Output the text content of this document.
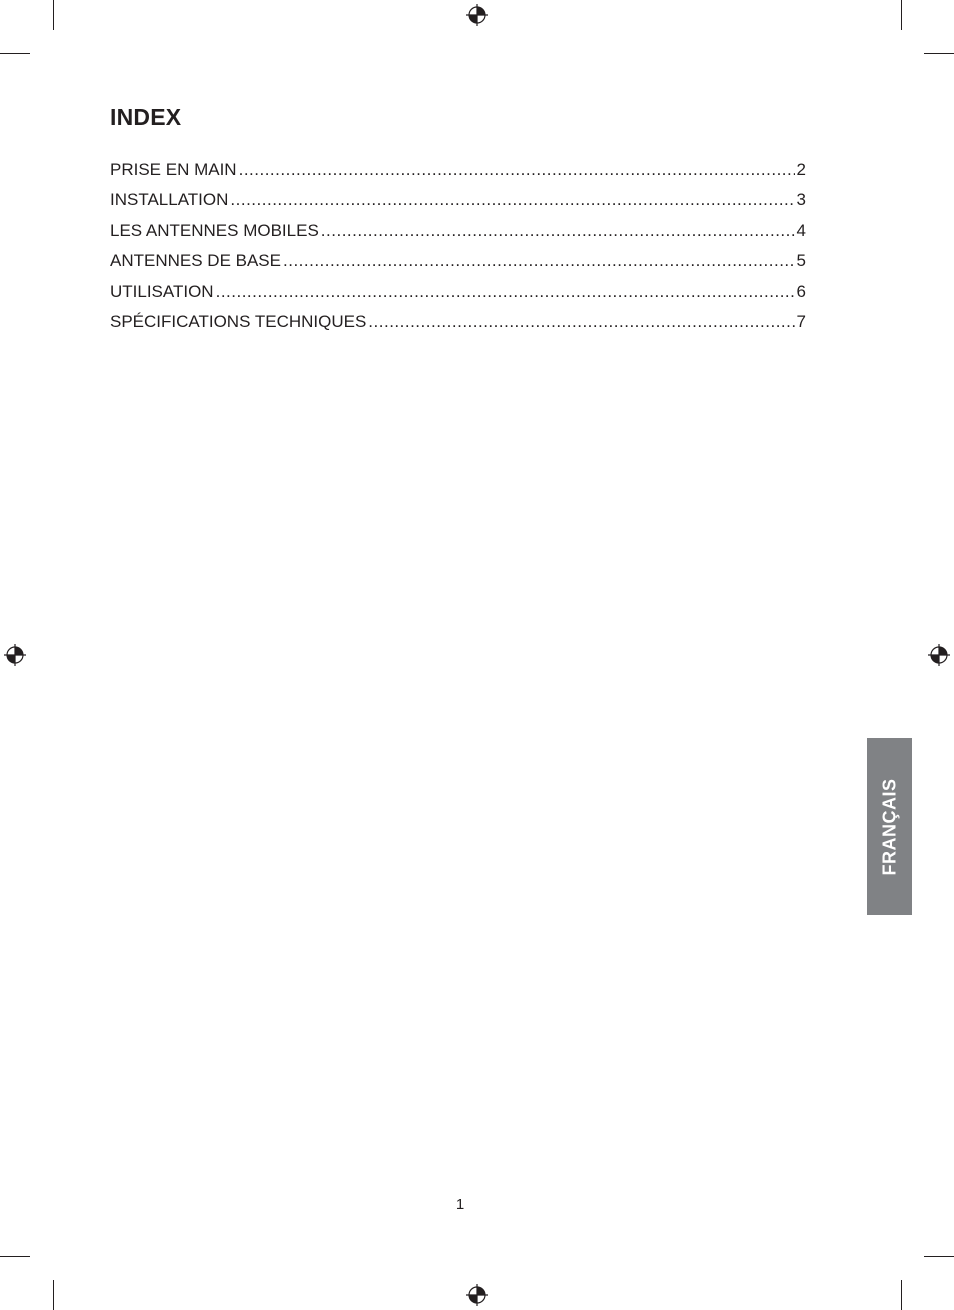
INDEX
PRISE EN MAIN .....	2
INSTALLATION .....	3
LES ANTENNES MOBILES .....	4
ANTENNES DE BASE .....	5
UTILISATION .....	6
SPÉCIFICATIONS TECHNIQUES .....	7
FRANÇAIS
1
